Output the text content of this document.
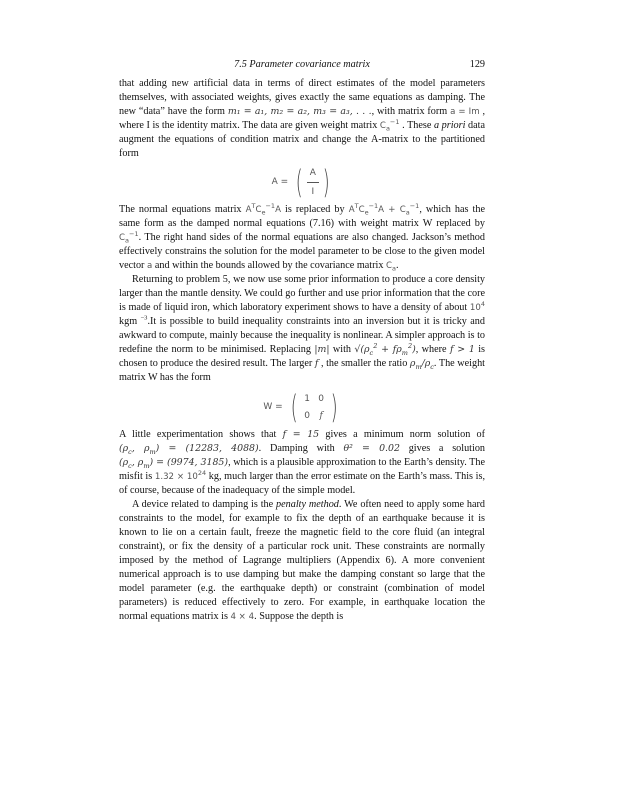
7.5 Parameter covariance matrix	129

that adding new artificial data in terms of direct estimates of the model parameters themselves, with associated weights, gives exactly the same equations as damping. The new “data” have the form m₁ = a₁, m₂ = a₂, m₃ = a₃, . . ., with matrix form a = Im , where I is the identity matrix. The data are given weight matrix $C_a^{-1}$ . These a priori data augment the equations of condition matrix and change the A-matrix to the partitioned form

A = ( $\frac{A}{I}$ )

The normal equations matrix $A^TC_e^{-1}A$ is replaced by $A^TC_e^{-1}A + C_a^{-1}$, which has the same form as the damped normal equations (7.16) with weight matrix W replaced by $C_a^{-1}$. The right hand sides of the normal equations are also changed. Jackson’s method effectively constrains the solution for the model parameter to be close to the given model vector a and within the bounds allowed by the covariance matrix $C_a$.

Returning to problem 5, we now use some prior information to produce a core density larger than the mantle density. We could go further and use prior information that the core is made of liquid iron, which laboratory experiment shows to have a density of about $10^4$ kgm $^{-3}$.It is possible to build inequality constraints into an inversion but it is tricky and awkward to compute, mainly because the inequality is nonlinear. A simpler approach is to redefine the norm to be minimised. Replacing |m| with $√(\rho_c^2 + f\rho_m^2)$, where f > 1 is chosen to produce the desired result. The larger f , the smaller the ratio $\rho_m/\rho_c$. The weight matrix W has the form

W = ( 1 0
0	f )

A little experimentation shows that f = 15 gives a minimum norm solution of ($\rho_c$, $\rho_m) = (12283$, 4088). Damping with θ² = 0.02 gives a solution ($\rho_c$, $\rho_m) = (9974$, 3185), which is a plausible approximation to the Earth’s density. The misfit is $1.32 \times 10^{24}$ kg, much larger than the error estimate on the Earth’s mass. This is, of course, because of the inadequacy of the simple model.

A device related to damping is the penalty method. We often need to apply some hard constraints to the model, for example to fix the depth of an earthquake because it is known to lie on a certain fault, freeze the magnetic field to the core fluid (an integral constraint), or fix the density of a particular rock unit. These constraints are normally imposed by the method of Lagrange multipliers (Appendix 6). A more convenient numerical approach is to use damping but make the damping constant so large that the model parameter (e.g. the earthquake depth) or constraint (combination of model parameters) is reduced effectively to zero. For example, in earthquake location the normal equations matrix is 4 × 4. Suppose the depth is
